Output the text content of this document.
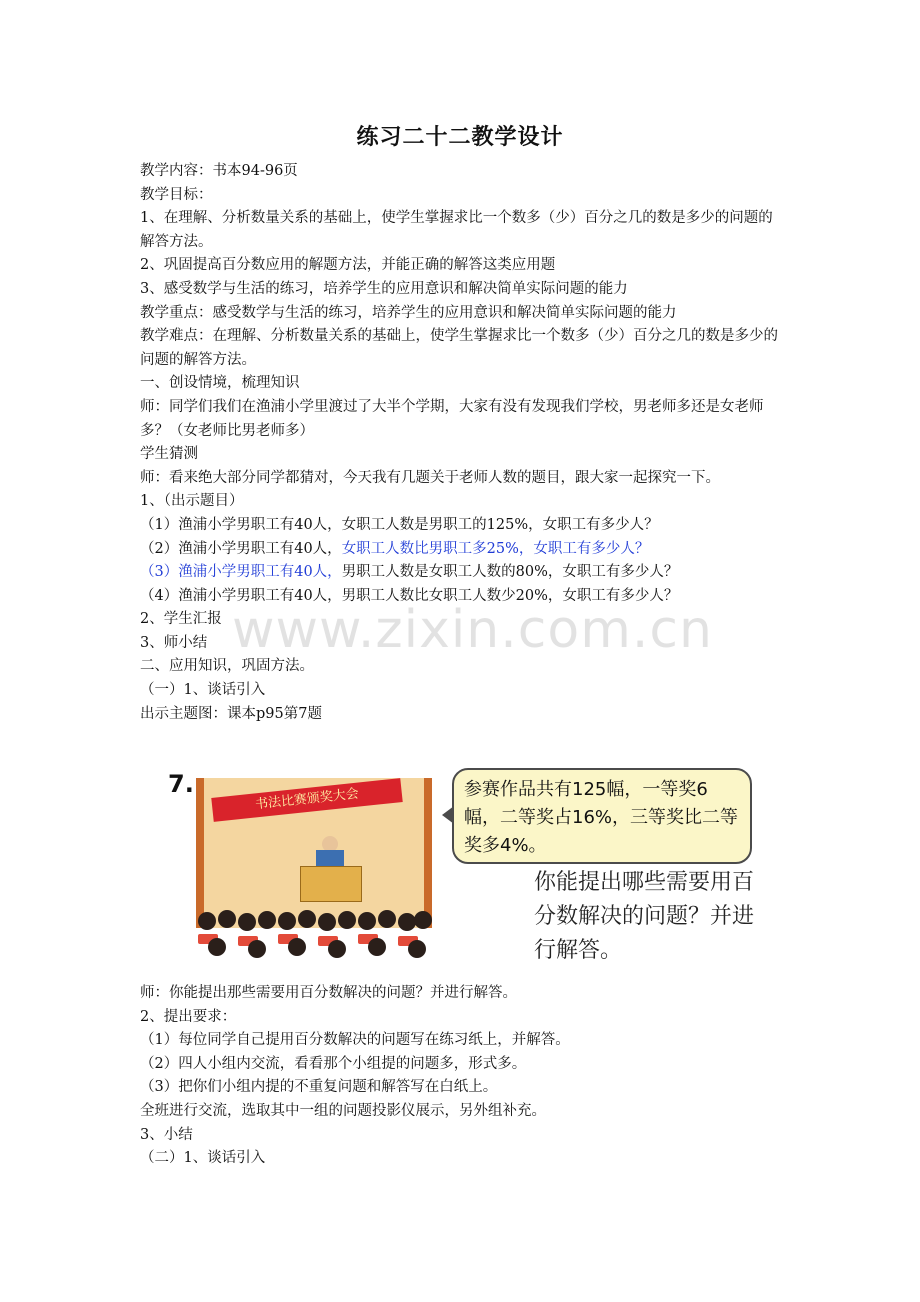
练习二十二教学设计

教学内容：书本94-96页

教学目标：

1、在理解、分析数量关系的基础上，使学生掌握求比一个数多（少）百分之几的数是多少的问题的解答方法。

2、巩固提高百分数应用的解题方法，并能正确的解答这类应用题

3、感受数学与生活的练习，培养学生的应用意识和解决简单实际问题的能力

教学重点：感受数学与生活的练习，培养学生的应用意识和解决简单实际问题的能力

教学难点：在理解、分析数量关系的基础上，使学生掌握求比一个数多（少）百分之几的数是多少的问题的解答方法。

一、创设情境，梳理知识

师：同学们我们在渔浦小学里渡过了大半个学期，大家有没有发现我们学校，男老师多还是女老师多？（女老师比男老师多）

学生猜测

师：看来绝大部分同学都猜对，今天我有几题关于老师人数的题目，跟大家一起探究一下。

1、（出示题目）

（1）渔浦小学男职工有40人，女职工人数是男职工的125%，女职工有多少人？

（2）渔浦小学男职工有40人，女职工人数比男职工多25%，女职工有多少人？

（3）渔浦小学男职工有40人，男职工人数是女职工人数的80%，女职工有多少人？

（4）渔浦小学男职工有40人，男职工人数比女职工人数少20%，女职工有多少人？

2、学生汇报

3、师小结

二、应用知识，巩固方法。

（一）1、谈话引入

出示主题图：课本p95第7题

www.zixin.com.cn
7.
书法比赛颁奖大会	参赛作品共有125幅，一等奖6幅，二等奖占16%，三等奖比二等奖多4%。
你能提出哪些需要用百分数解决的问题？并进行解答。

师：你能提出那些需要用百分数解决的问题？并进行解答。

2、提出要求：

（1）每位同学自己提用百分数解决的问题写在练习纸上，并解答。

（2）四人小组内交流，看看那个小组提的问题多，形式多。

（3）把你们小组内提的不重复问题和解答写在白纸上。

全班进行交流，选取其中一组的问题投影仪展示，另外组补充。

3、小结

（二）1、谈话引入
